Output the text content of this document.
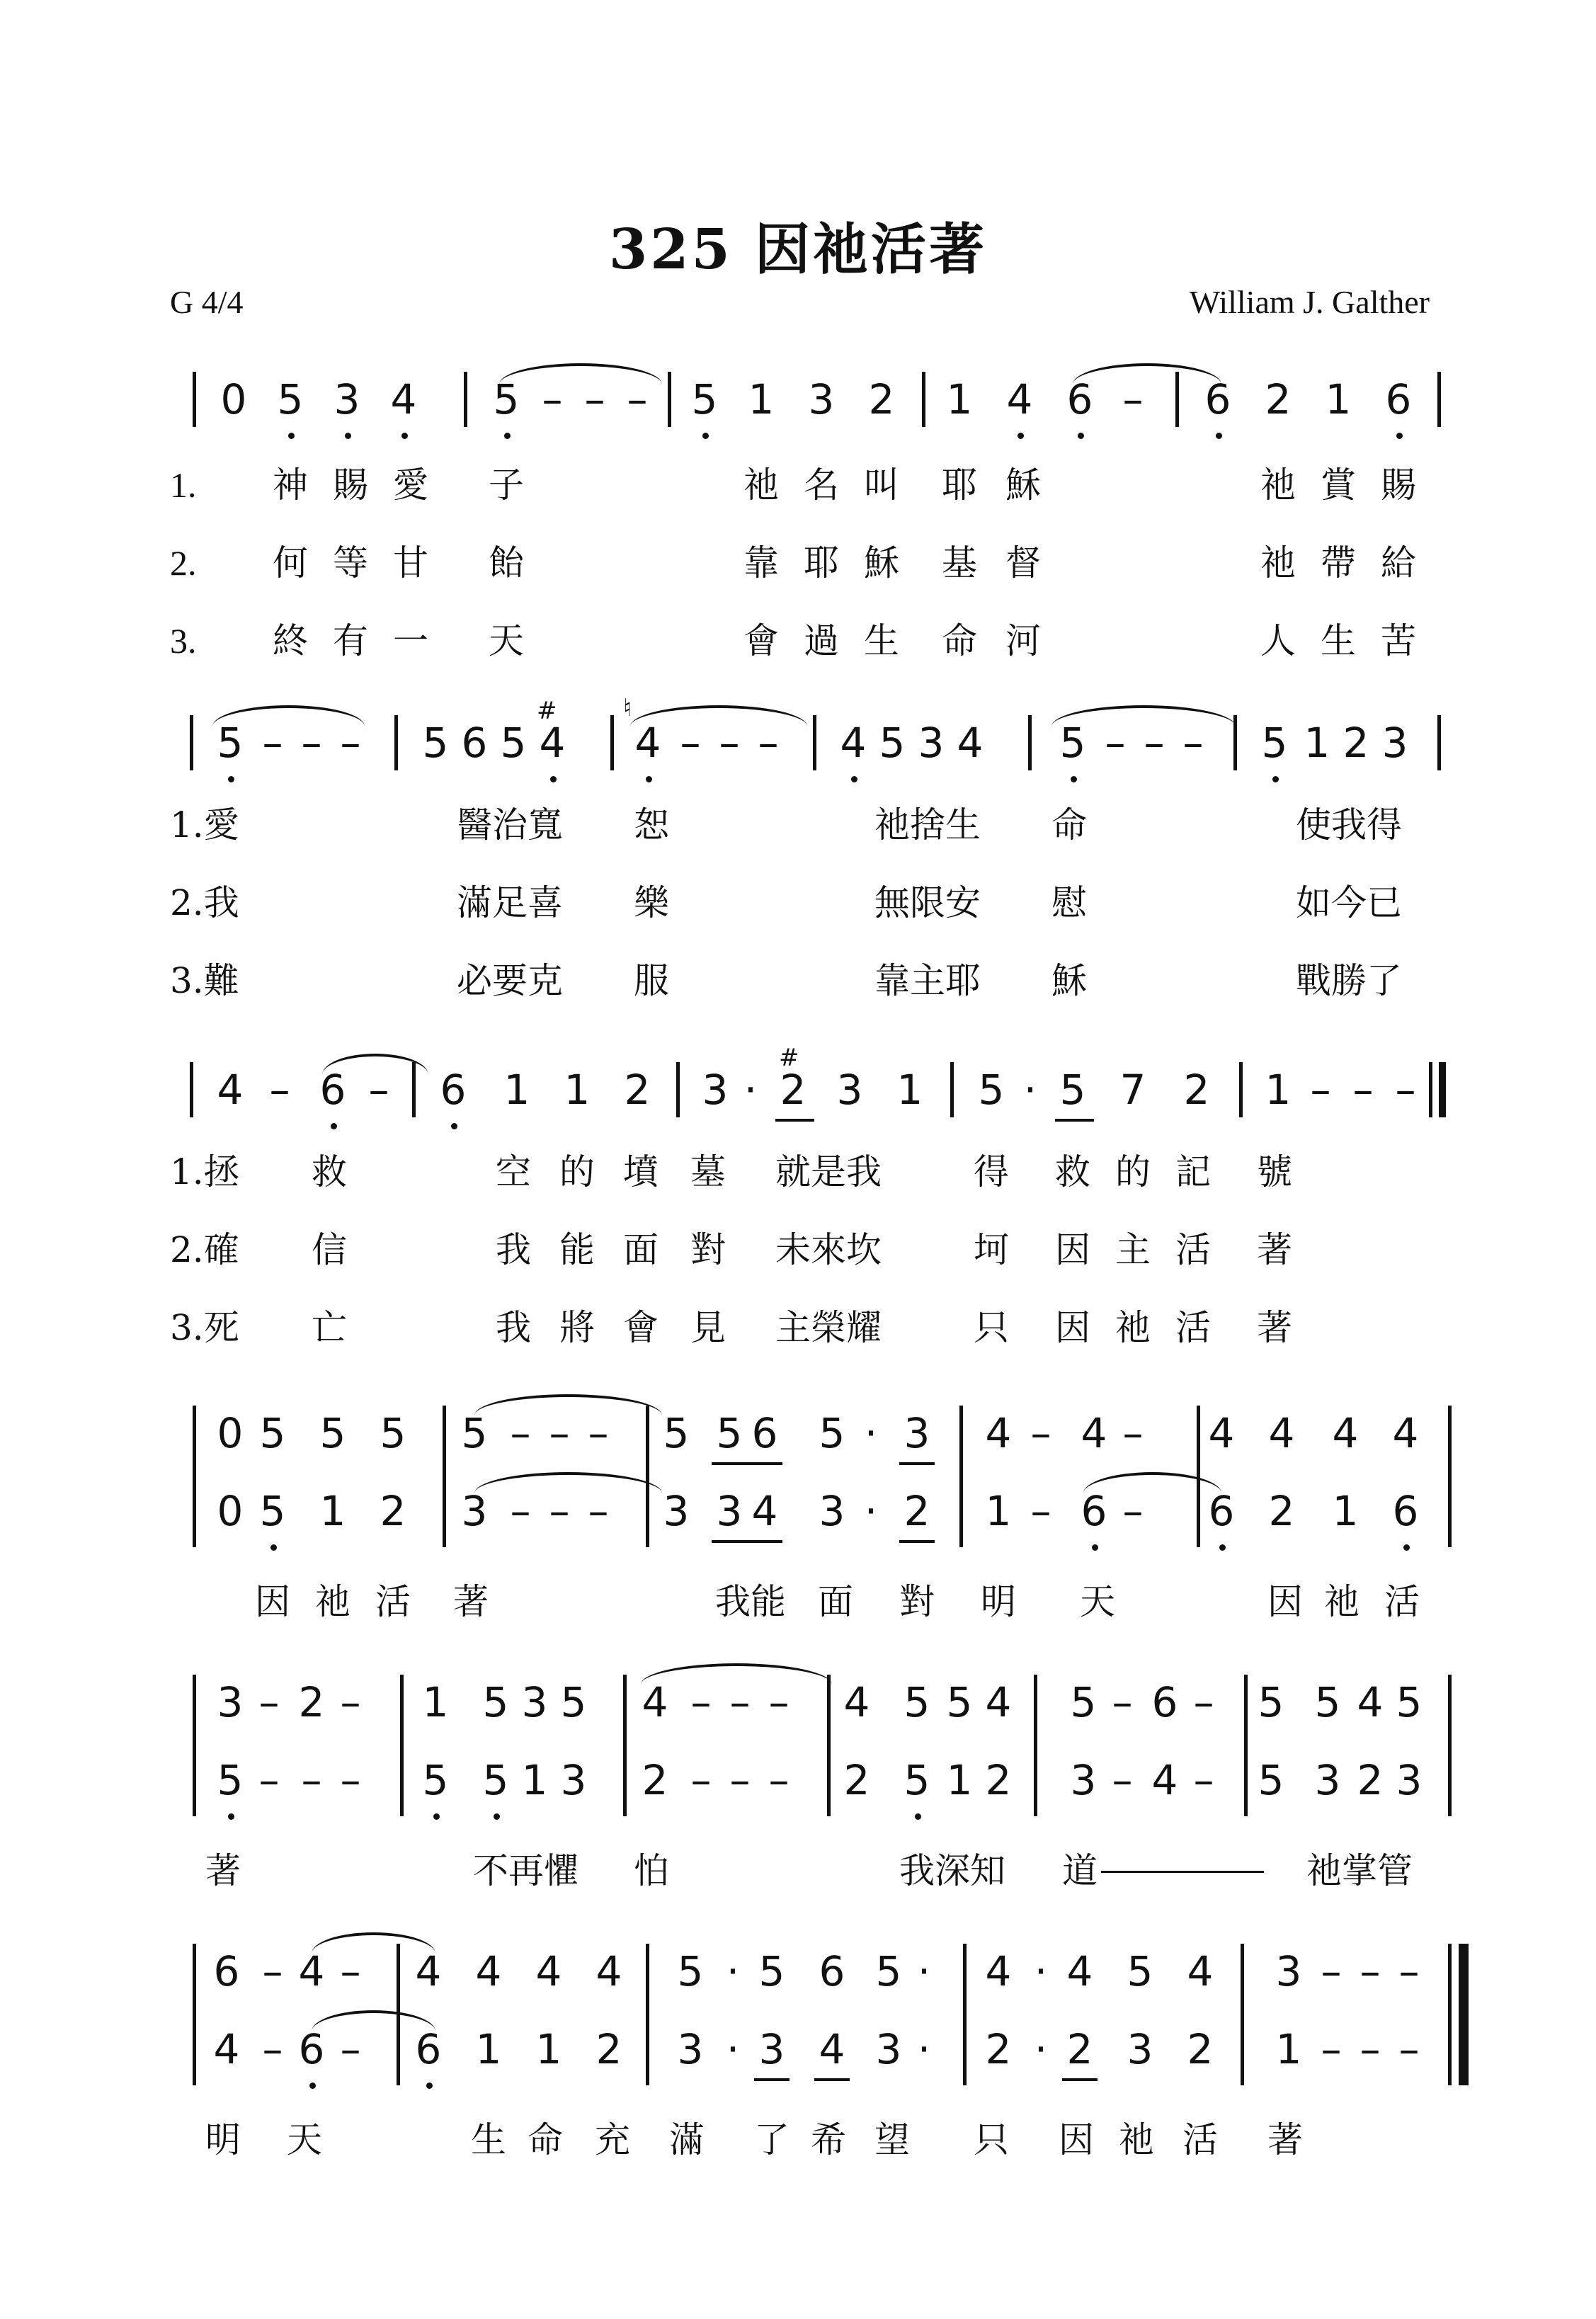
325 因祂活著
G 4/4	William J. Galther
0 5 3 4 5 – – – 5 1 3 2 1 4 6 – 6 2 1 6
1. 神 賜 愛 子	祂 名 叫 耶 穌	祂 賞 賜
2. 何 等 甘 飴	靠 耶 穌 基 督	祂 帶 給
3. 終 有 一 天	會 過 生 命 河	人 生 苦
5 – – – 5 6 5
#
4
♮
4 – – – 4 5 3 4 5 – – – 5 1 2 3
1.愛	醫治寬 恕	祂捨生 命	使我得
2.我	滿足喜 樂	無限安 慰	如今已
3.難	必要克 服	靠主耶 穌	戰勝了
4 – 6 – 6 1 1 2 3 ·
#
2 3 1 5 · 5 7 2 1 – – –
1.拯 救	空 的 墳 墓 就是我	得 救 的 記 號
2.確 信	我 能 面 對 未來坎	坷 因 主 活 著
3.死 亡	我 將 會 見 主榮耀	只 因 祂 活 著
0 5 5 5 5 – – – 5 5 6 5 · 3 4 – 4 – 4 4 4 4
0 5 1 2 3 – – – 3 3 4 3 · 2 1 – 6 – 6 2 1 6
因 祂 活 著	我能 面 對 明 天	因 祂 活
3 – 2 – 1 5 3 5 4 – – – 4 5 5 4 5 – 6 – 5 5 4 5
5 – – – 5 5 1 3 2 – – – 2 5 1 2 3 – 4 – 5 3 2 3
著	不再懼 怕	我深知 道	祂掌管
6 – 4 – 4 4 4 4 5 · 5 6 5 ·	4 · 4 5 4 3 – – –
4 – 6 – 6 1 1 2 3 · 3 4 3 ·	2 · 2 3 2 1 – – –
明 天	生 命 充 滿 了 希 望 只 因 祂 活 著
